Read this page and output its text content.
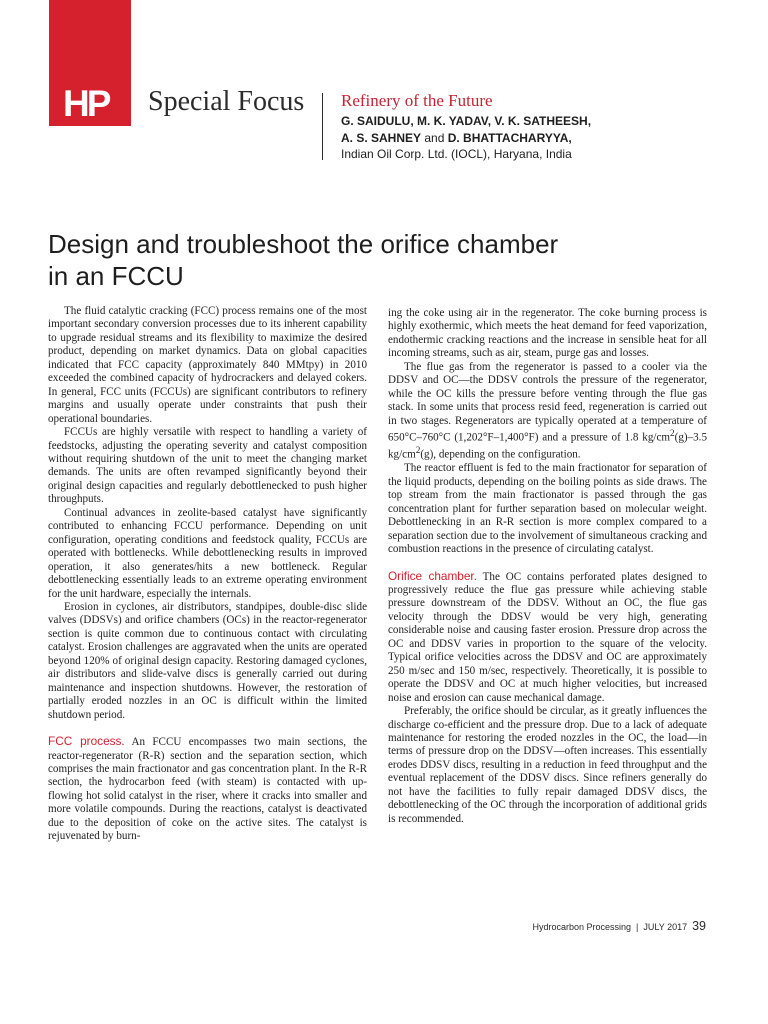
HP Special Focus Refinery of the Future
G. SAIDULU, M. K. YADAV, V. K. SATHEESH,
A. S. SAHNEY and D. BHATTACHARYYA,
Indian Oil Corp. Ltd. (IOCL), Haryana, India
Design and troubleshoot the orifice chamber
in an FCCU

The fluid catalytic cracking (FCC) process remains one of the most important secondary conversion processes due to its inherent capability to upgrade residual streams and its flexibility to maximize the desired product, depending on market dynamics. Data on global capacities indicated that FCC capacity (approximately 840 MMtpy) in 2010 exceeded the combined capacity of hydrocrackers and delayed cokers. In general, FCC units (FCCUs) are significant contributors to refinery margins and usually operate under constraints that push their operational boundaries.

FCCUs are highly versatile with respect to handling a variety of feedstocks, adjusting the operating severity and catalyst composition without requiring shutdown of the unit to meet the changing market demands. The units are often revamped significantly beyond their original design capacities and regularly debottlenecked to push higher throughputs.

Continual advances in zeolite-based catalyst have significantly contributed to enhancing FCCU performance. Depending on unit configuration, operating conditions and feedstock quality, FCCUs are operated with bottlenecks. While debottlenecking results in improved operation, it also generates/hits a new bottleneck. Regular debottlenecking essentially leads to an extreme operating environment for the unit hardware, especially the internals.

Erosion in cyclones, air distributors, standpipes, double-disc slide valves (DDSVs) and orifice chambers (OCs) in the reactor-regenerator section is quite common due to continuous contact with circulating catalyst. Erosion challenges are aggravated when the units are operated beyond 120% of original design capacity. Restoring damaged cyclones, air distributors and slide-valve discs is generally carried out during maintenance and inspection shutdowns. However, the restoration of partially eroded nozzles in an OC is difficult within the limited shutdown period.

FCC process. An FCCU encompasses two main sections, the reactor-regenerator (R-R) section and the separation section, which comprises the main fractionator and gas concentration plant. In the R-R section, the hydrocarbon feed (with steam) is contacted with up-flowing hot solid catalyst in the riser, where it cracks into smaller and more volatile compounds. During the reactions, catalyst is deactivated due to the deposition of coke on the active sites. The catalyst is rejuvenated by burn-

ing the coke using air in the regenerator. The coke burning process is highly exothermic, which meets the heat demand for feed vaporization, endothermic cracking reactions and the increase in sensible heat for all incoming streams, such as air, steam, purge gas and losses.

The flue gas from the regenerator is passed to a cooler via the DDSV and OC—the DDSV controls the pressure of the regenerator, while the OC kills the pressure before venting through the flue gas stack. In some units that process resid feed, regeneration is carried out in two stages. Regenerators are typically operated at a temperature of 650°C–760°C (1,202°F–1,400°F) and a pressure of 1.8 $kg/cm^2(g)-3.5$ $kg/cm^2(g)$, depending on the configuration.

The reactor effluent is fed to the main fractionator for separation of the liquid products, depending on the boiling points as side draws. The top stream from the main fractionator is passed through the gas concentration plant for further separation based on molecular weight. Debottlenecking in an R-R section is more complex compared to a separation section due to the involvement of simultaneous cracking and combustion reactions in the presence of circulating catalyst.

Orifice chamber. The OC contains perforated plates designed to progressively reduce the flue gas pressure while achieving stable pressure downstream of the DDSV. Without an OC, the flue gas velocity through the DDSV would be very high, generating considerable noise and causing faster erosion. Pressure drop across the OC and DDSV varies in proportion to the square of the velocity. Typical orifice velocities across the DDSV and OC are approximately 250 m/sec and 150 m/sec, respectively. Theoretically, it is possible to operate the DDSV and OC at much higher velocities, but increased noise and erosion can cause mechanical damage.

Preferably, the orifice should be circular, as it greatly influences the discharge co-efficient and the pressure drop. Due to a lack of adequate maintenance for restoring the eroded nozzles in the OC, the load—in terms of pressure drop on the DDSV—often increases. This essentially erodes DDSV discs, resulting in a reduction in feed throughput and the eventual replacement of the DDSV discs. Since refiners generally do not have the facilities to fully repair damaged DDSV discs, the debottlenecking of the OC through the incorporation of additional grids is recommended.

Hydrocarbon Processing | JULY 2017 39
